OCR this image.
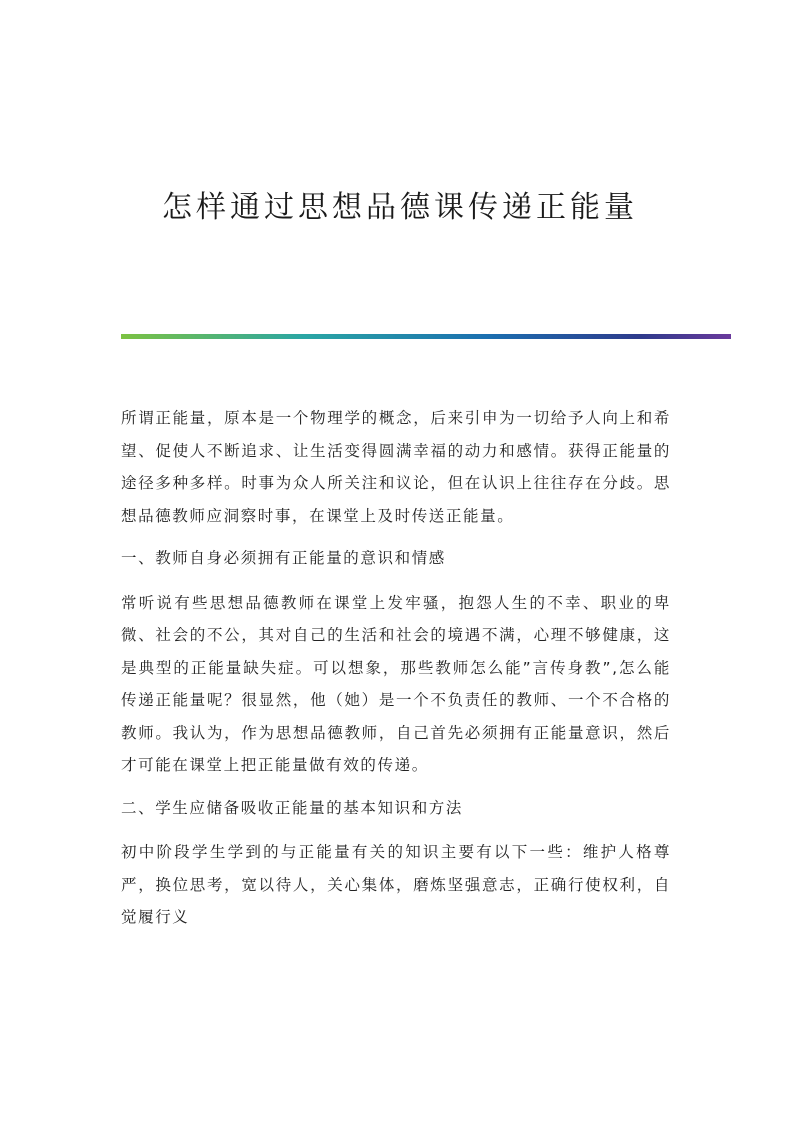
怎样通过思想品德课传递正能量

所谓正能量，原本是一个物理学的概念，后来引申为一切给予人向上和希望、促使人不断追求、让生活变得圆满幸福的动力和感情。获得正能量的途径多种多样。时事为众人所关注和议论，但在认识上往往存在分歧。思想品德教师应洞察时事，在课堂上及时传送正能量。

一、教师自身必须拥有正能量的意识和情感

常听说有些思想品德教师在课堂上发牢骚，抱怨人生的不幸、职业的卑微、社会的不公，其对自己的生活和社会的境遇不满，心理不够健康，这是典型的正能量缺失症。可以想象，那些教师怎么能”言传身教”,怎么能传递正能量呢？很显然，他（她）是一个不负责任的教师、一个不合格的教师。我认为，作为思想品德教师，自己首先必须拥有正能量意识，然后才可能在课堂上把正能量做有效的传递。

二、学生应储备吸收正能量的基本知识和方法

初中阶段学生学到的与正能量有关的知识主要有以下一些：维护人格尊严，换位思考，宽以待人，关心集体，磨炼坚强意志，正确行使权利，自觉履行义
